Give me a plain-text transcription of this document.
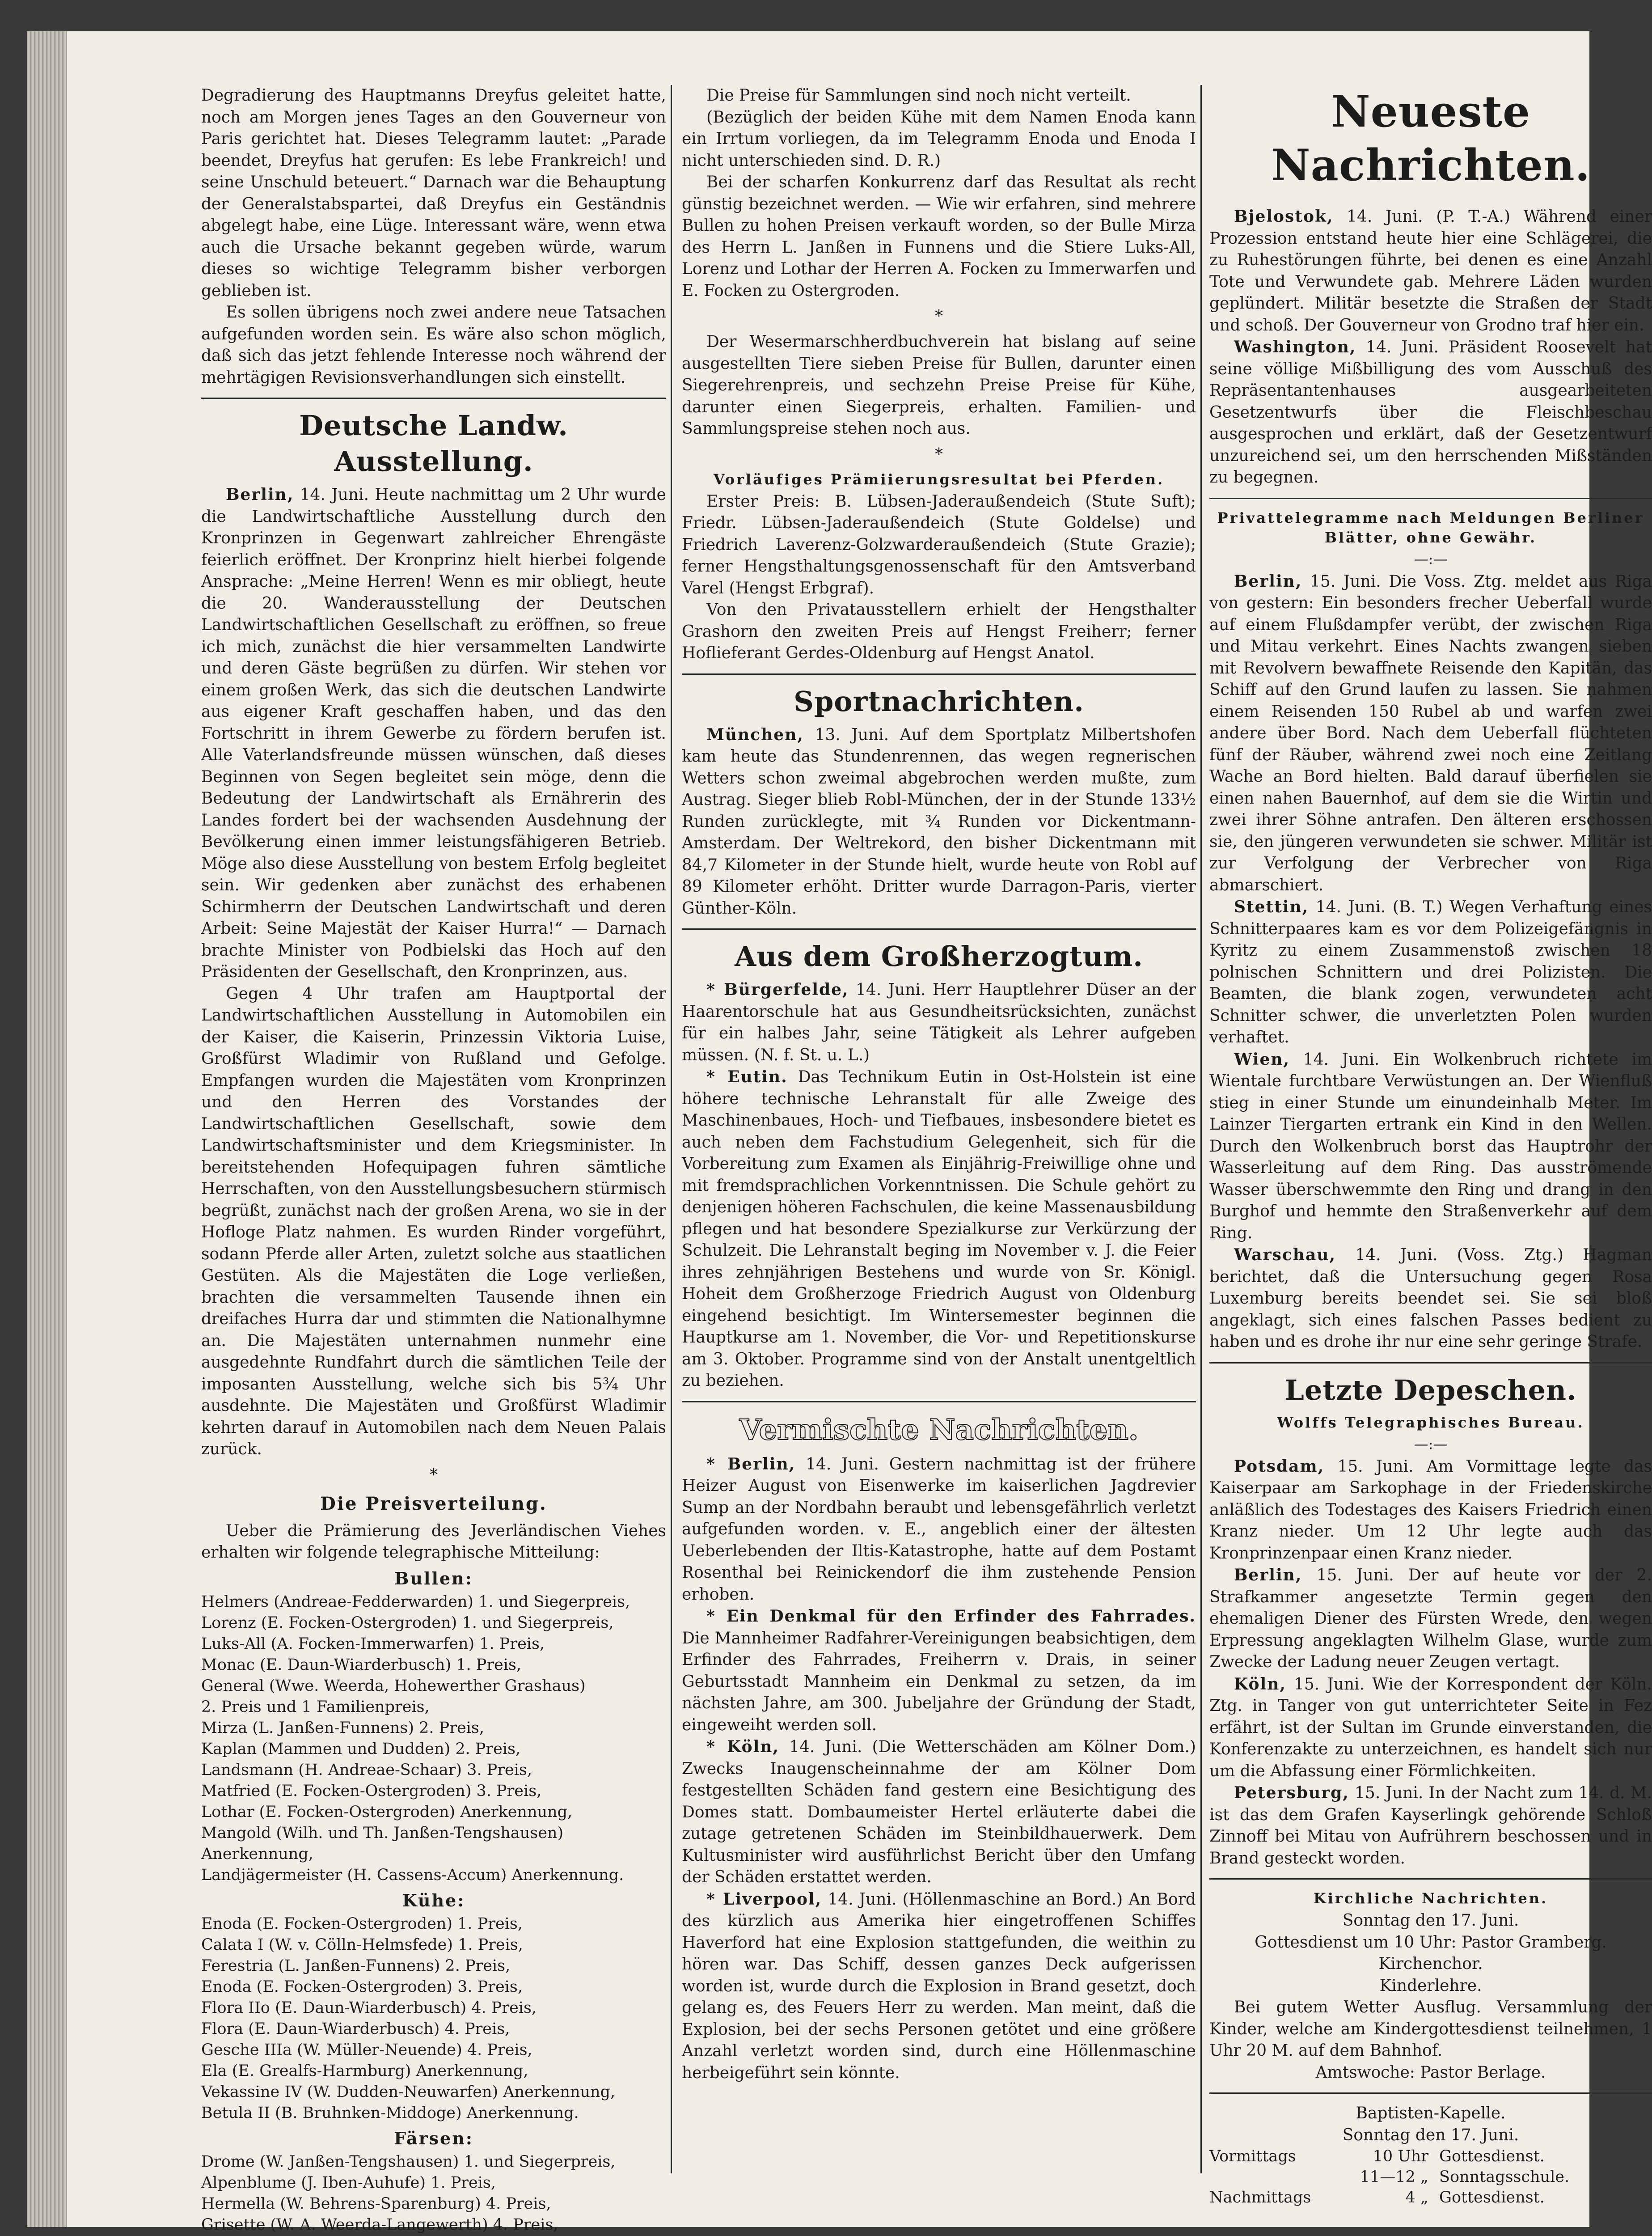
Degradierung des Hauptmanns Dreyfus geleitet hatte, noch am Morgen jenes Tages an den Gouverneur von Paris gerichtet hat. Dieses Telegramm lautet: „Parade beendet, Dreyfus hat gerufen: Es lebe Frankreich! und seine Unschuld beteuert.“ Darnach war die Behauptung der Generalstabspartei, daß Dreyfus ein Geständnis abgelegt habe, eine Lüge. Interessant wäre, wenn etwa auch die Ursache bekannt gegeben würde, warum dieses so wichtige Telegramm bisher verborgen geblieben ist.

Es sollen übrigens noch zwei andere neue Tatsachen aufgefunden worden sein. Es wäre also schon möglich, daß sich das jetzt fehlende Interesse noch während der mehrtägigen Revisionsverhandlungen sich einstellt.

Deutsche Landw. Ausstellung.

Berlin, 14. Juni. Heute nachmittag um 2 Uhr wurde die Landwirtschaftliche Ausstellung durch den Kronprinzen in Gegenwart zahlreicher Ehrengäste feierlich eröffnet. Der Kronprinz hielt hierbei folgende Ansprache: „Meine Herren! Wenn es mir obliegt, heute die 20. Wanderausstellung der Deutschen Landwirtschaftlichen Gesellschaft zu eröffnen, so freue ich mich, zunächst die hier versammelten Landwirte und deren Gäste begrüßen zu dürfen. Wir stehen vor einem großen Werk, das sich die deutschen Landwirte aus eigener Kraft geschaffen haben, und das den Fortschritt in ihrem Gewerbe zu fördern berufen ist. Alle Vaterlandsfreunde müssen wünschen, daß dieses Beginnen von Segen begleitet sein möge, denn die Bedeutung der Landwirtschaft als Ernährerin des Landes fordert bei der wachsenden Ausdehnung der Bevölkerung einen immer leistungsfähigeren Betrieb. Möge also diese Ausstellung von bestem Erfolg begleitet sein. Wir gedenken aber zunächst des erhabenen Schirmherrn der Deutschen Landwirtschaft und deren Arbeit: Seine Majestät der Kaiser Hurra!“ — Darnach brachte Minister von Podbielski das Hoch auf den Präsidenten der Gesellschaft, den Kronprinzen, aus.

Gegen 4 Uhr trafen am Hauptportal der Landwirtschaftlichen Ausstellung in Automobilen ein der Kaiser, die Kaiserin, Prinzessin Viktoria Luise, Großfürst Wladimir von Rußland und Gefolge. Empfangen wurden die Majestäten vom Kronprinzen und den Herren des Vorstandes der Landwirtschaftlichen Gesellschaft, sowie dem Landwirtschaftsminister und dem Kriegsminister. In bereitstehenden Hofequipagen fuhren sämtliche Herrschaften, von den Ausstellungsbesuchern stürmisch begrüßt, zunächst nach der großen Arena, wo sie in der Hofloge Platz nahmen. Es wurden Rinder vorgeführt, sodann Pferde aller Arten, zuletzt solche aus staatlichen Gestüten. Als die Majestäten die Loge verließen, brachten die versammelten Tausende ihnen ein dreifaches Hurra dar und stimmten die Nationalhymne an. Die Majestäten unternahmen nunmehr eine ausgedehnte Rundfahrt durch die sämtlichen Teile der imposanten Ausstellung, welche sich bis 5¾ Uhr ausdehnte. Die Majestäten und Großfürst Wladimir kehrten darauf in Automobilen nach dem Neuen Palais zurück.

*
Die Preisverteilung.

Ueber die Prämierung des Jeverländischen Viehes erhalten wir folgende telegraphische Mitteilung:

Bullen:
Helmers (Andreae-Fedderwarden) 1. und Siegerpreis,
Lorenz (E. Focken-Ostergroden) 1. und Siegerpreis,
Luks-All (A. Focken-Immerwarfen) 1. Preis,
Monac (E. Daun-Wiarderbusch) 1. Preis,
General (Wwe. Weerda, Hohewerther Grashaus)
2. Preis und 1 Familienpreis,
Mirza (L. Janßen-Funnens) 2. Preis,
Kaplan (Mammen und Dudden) 2. Preis,
Landsmann (H. Andreae-Schaar) 3. Preis,
Matfried (E. Focken-Ostergroden) 3. Preis,
Lothar (E. Focken-Ostergroden) Anerkennung,
Mangold (Wilh. und Th. Janßen-Tengshausen) Anerkennung,
Landjägermeister (H. Cassens-Accum) Anerkennung.
Kühe:
Enoda (E. Focken-Ostergroden) 1. Preis,
Calata I (W. v. Cölln-Helmsfede) 1. Preis,
Ferestria (L. Janßen-Funnens) 2. Preis,
Enoda (E. Focken-Ostergroden) 3. Preis,
Flora IIo (E. Daun-Wiarderbusch) 4. Preis,
Flora (E. Daun-Wiarderbusch) 4. Preis,
Gesche IIIa (W. Müller-Neuende) 4. Preis,
Ela (E. Grealfs-Harmburg) Anerkennung,
Vekassine IV (W. Dudden-Neuwarfen) Anerkennung,
Betula II (B. Bruhnken-Middoge) Anerkennung.
Färsen:
Drome (W. Janßen-Tengshausen) 1. und Siegerpreis,
Alpenblume (J. Iben-Auhufe) 1. Preis,
Hermella (W. Behrens-Sparenburg) 4. Preis,
Grisette (W. A. Weerda-Langewerth) 4. Preis,

Die Preise für Sammlungen sind noch nicht verteilt.

(Bezüglich der beiden Kühe mit dem Namen Enoda kann ein Irrtum vorliegen, da im Telegramm Enoda und Enoda I nicht unterschieden sind. D. R.)

Bei der scharfen Konkurrenz darf das Resultat als recht günstig bezeichnet werden. — Wie wir erfahren, sind mehrere Bullen zu hohen Preisen verkauft worden, so der Bulle Mirza des Herrn L. Janßen in Funnens und die Stiere Luks-All, Lorenz und Lothar der Herren A. Focken zu Immerwarfen und E. Focken zu Ostergroden.

*

Der Wesermarschherdbuchverein hat bislang auf seine ausgestellten Tiere sieben Preise für Bullen, darunter einen Siegerehrenpreis, und sechzehn Preise Preise für Kühe, darunter einen Siegerpreis, erhalten. Familien- und Sammlungspreise stehen noch aus.

*
Vorläufiges Prämiierungsresultat bei Pferden.

Erster Preis: B. Lübsen-Jaderaußendeich (Stute Suft); Friedr. Lübsen-Jaderaußendeich (Stute Goldelse) und Friedrich Laverenz-Golzwarderaußendeich (Stute Grazie); ferner Hengsthaltungsgenossenschaft für den Amtsverband Varel (Hengst Erbgraf).

Von den Privatausstellern erhielt der Hengsthalter Grashorn den zweiten Preis auf Hengst Freiherr; ferner Hoflieferant Gerdes-Oldenburg auf Hengst Anatol.

Sportnachrichten.

München, 13. Juni. Auf dem Sportplatz Milbertshofen kam heute das Stundenrennen, das wegen regnerischen Wetters schon zweimal abgebrochen werden mußte, zum Austrag. Sieger blieb Robl-München, der in der Stunde 133½ Runden zurücklegte, mit ¾ Runden vor Dickentmann-Amsterdam. Der Weltrekord, den bisher Dickentmann mit 84,7 Kilometer in der Stunde hielt, wurde heute von Robl auf 89 Kilometer erhöht. Dritter wurde Darragon-Paris, vierter Günther-Köln.

Aus dem Großherzogtum.

* Bürgerfelde, 14. Juni. Herr Hauptlehrer Düser an der Haarentorschule hat aus Gesundheitsrücksichten, zunächst für ein halbes Jahr, seine Tätigkeit als Lehrer aufgeben müssen. (N. f. St. u. L.)

* Eutin. Das Technikum Eutin in Ost-Holstein ist eine höhere technische Lehranstalt für alle Zweige des Maschinenbaues, Hoch- und Tiefbaues, insbesondere bietet es auch neben dem Fachstudium Gelegenheit, sich für die Vorbereitung zum Examen als Einjährig-Freiwillige ohne und mit fremdsprachlichen Vorkenntnissen. Die Schule gehört zu denjenigen höheren Fachschulen, die keine Massenausbildung pflegen und hat besondere Spezialkurse zur Verkürzung der Schulzeit. Die Lehranstalt beging im November v. J. die Feier ihres zehnjährigen Bestehens und wurde von Sr. Königl. Hoheit dem Großherzoge Friedrich August von Oldenburg eingehend besichtigt. Im Wintersemester beginnen die Hauptkurse am 1. November, die Vor- und Repetitionskurse am 3. Oktober. Programme sind von der Anstalt unentgeltlich zu beziehen.

Vermischte Nachrichten.

* Berlin, 14. Juni. Gestern nachmittag ist der frühere Heizer August von Eisenwerke im kaiserlichen Jagdrevier Sump an der Nordbahn beraubt und lebensgefährlich verletzt aufgefunden worden. v. E., angeblich einer der ältesten Ueberlebenden der Iltis-Katastrophe, hatte auf dem Postamt Rosenthal bei Reinickendorf die ihm zustehende Pension erhoben.

* Ein Denkmal für den Erfinder des Fahrrades. Die Mannheimer Radfahrer-Vereinigungen beabsichtigen, dem Erfinder des Fahrrades, Freiherrn v. Drais, in seiner Geburtsstadt Mannheim ein Denkmal zu setzen, da im nächsten Jahre, am 300. Jubeljahre der Gründung der Stadt, eingeweiht werden soll.

* Köln, 14. Juni. (Die Wetterschäden am Kölner Dom.) Zwecks Inaugenscheinnahme der am Kölner Dom festgestellten Schäden fand gestern eine Besichtigung des Domes statt. Dombaumeister Hertel erläuterte dabei die zutage getretenen Schäden im Steinbildhauerwerk. Dem Kultusminister wird ausführlichst Bericht über den Umfang der Schäden erstattet werden.

* Liverpool, 14. Juni. (Höllenmaschine an Bord.) An Bord des kürzlich aus Amerika hier eingetroffenen Schiffes Haverford hat eine Explosion stattgefunden, die weithin zu hören war. Das Schiff, dessen ganzes Deck aufgerissen worden ist, wurde durch die Explosion in Brand gesetzt, doch gelang es, des Feuers Herr zu werden. Man meint, daß die Explosion, bei der sechs Personen getötet und eine größere Anzahl verletzt worden sind, durch eine Höllenmaschine herbeigeführt sein könnte.

Neueste Nachrichten.

Bjelostok, 14. Juni. (P. T.-A.) Während einer Prozession entstand heute hier eine Schlägerei, die zu Ruhestörungen führte, bei denen es eine Anzahl Tote und Verwundete gab. Mehrere Läden wurden geplündert. Militär besetzte die Straßen der Stadt und schoß. Der Gouverneur von Grodno traf hier ein.

Washington, 14. Juni. Präsident Roosevelt hat seine völlige Mißbilligung des vom Ausschuß des Repräsentantenhauses ausgearbeiteten Gesetzentwurfs über die Fleischbeschau ausgesprochen und erklärt, daß der Gesetzentwurf unzureichend sei, um den herrschenden Mißständen zu begegnen.

Privattelegramme nach Meldungen Berliner Blätter, ohne Gewähr.
—:—

Berlin, 15. Juni. Die Voss. Ztg. meldet aus Riga von gestern: Ein besonders frecher Ueberfall wurde auf einem Flußdampfer verübt, der zwischen Riga und Mitau verkehrt. Eines Nachts zwangen sieben mit Revolvern bewaffnete Reisende den Kapitän, das Schiff auf den Grund laufen zu lassen. Sie nahmen einem Reisenden 150 Rubel ab und warfen zwei andere über Bord. Nach dem Ueberfall flüchteten fünf der Räuber, während zwei noch eine Zeitlang Wache an Bord hielten. Bald darauf überfielen sie einen nahen Bauernhof, auf dem sie die Wirtin und zwei ihrer Söhne antrafen. Den älteren erschossen sie, den jüngeren verwundeten sie schwer. Militär ist zur Verfolgung der Verbrecher von Riga abmarschiert.

Stettin, 14. Juni. (B. T.) Wegen Verhaftung eines Schnitterpaares kam es vor dem Polizeigefängnis in Kyritz zu einem Zusammenstoß zwischen 18 polnischen Schnittern und drei Polizisten. Die Beamten, die blank zogen, verwundeten acht Schnitter schwer, die unverletzten Polen wurden verhaftet.

Wien, 14. Juni. Ein Wolkenbruch richtete im Wientale furchtbare Verwüstungen an. Der Wienfluß stieg in einer Stunde um einundeinhalb Meter. Im Lainzer Tiergarten ertrank ein Kind in den Wellen. Durch den Wolkenbruch borst das Hauptrohr der Wasserleitung auf dem Ring. Das ausströmende Wasser überschwemmte den Ring und drang in den Burghof und hemmte den Straßenverkehr auf dem Ring.

Warschau, 14. Juni. (Voss. Ztg.) Hagman berichtet, daß die Untersuchung gegen Rosa Luxemburg bereits beendet sei. Sie sei bloß angeklagt, sich eines falschen Passes bedient zu haben und es drohe ihr nur eine sehr geringe Strafe.

Letzte Depeschen.
Wolffs Telegraphisches Bureau.
—:—

Potsdam, 15. Juni. Am Vormittage legte das Kaiserpaar am Sarkophage in der Friedenskirche anläßlich des Todestages des Kaisers Friedrich einen Kranz nieder. Um 12 Uhr legte auch das Kronprinzenpaar einen Kranz nieder.

Berlin, 15. Juni. Der auf heute vor der 2. Strafkammer angesetzte Termin gegen den ehemaligen Diener des Fürsten Wrede, den wegen Erpressung angeklagten Wilhelm Glase, wurde zum Zwecke der Ladung neuer Zeugen vertagt.

Köln, 15. Juni. Wie der Korrespondent der Köln. Ztg. in Tanger von gut unterrichteter Seite in Fez erfährt, ist der Sultan im Grunde einverstanden, die Konferenzakte zu unterzeichnen, es handelt sich nur um die Abfassung einer Förmlichkeiten.

Petersburg, 15. Juni. In der Nacht zum 14. d. M. ist das dem Grafen Kayserlingk gehörende Schloß Zinnoff bei Mitau von Aufrührern beschossen und in Brand gesteckt worden.

Kirchliche Nachrichten.

Sonntag den 17. Juni.

Gottesdienst um 10 Uhr: Pastor Gramberg.

Kirchenchor.

Kinderlehre.

Bei gutem Wetter Ausflug. Versammlung der Kinder, welche am Kindergottesdienst teilnehmen, 1 Uhr 20 M. auf dem Bahnhof.

Amtswoche: Pastor Berlage.

Baptisten-Kapelle.

Sonntag den 17. Juni.

Vormittags	10 Uhr Gottesdienst.
11—12 „ Sonntagsschule.
Nachmittags	4 „ Gottesdienst.
